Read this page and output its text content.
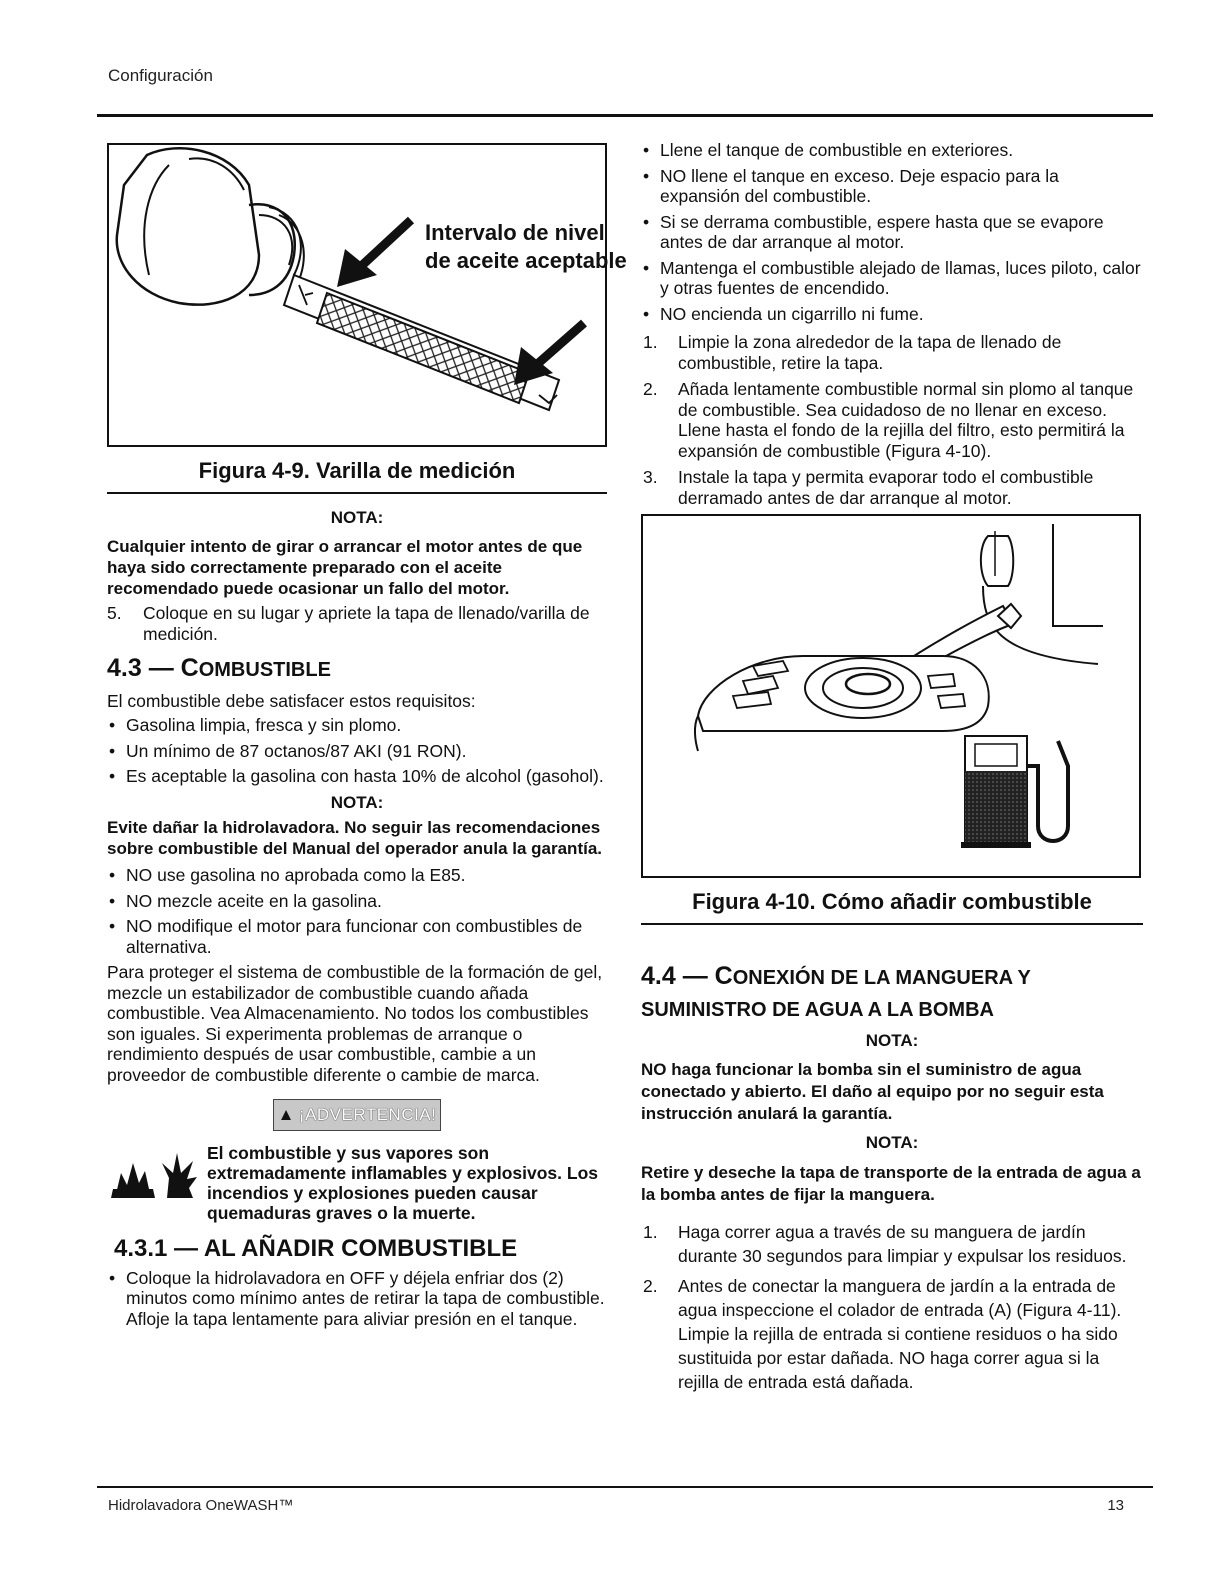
Configuración
Intervalo de nivel
de aceite aceptable
Figura 4-9. Varilla de medición
NOTA:
Cualquier intento de girar o arrancar el motor antes de que haya sido correctamente preparado con el aceite recomendado puede ocasionar un fallo del motor.
5.	Coloque en su lugar y apriete la tapa de llenado/varilla de medición.
4.3 — COMBUSTIBLE

El combustible debe satisfacer estos requisitos:

• Gasolina limpia, fresca y sin plomo.
• Un mínimo de 87 octanos/87 AKI (91 RON).
• Es aceptable la gasolina con hasta 10% de alcohol (gasohol).
NOTA:
Evite dañar la hidrolavadora. No seguir las recomendaciones sobre combustible del Manual del operador anula la garantía.
• NO use gasolina no aprobada como la E85.
• NO mezcle aceite en la gasolina.
• NO modifique el motor para funcionar con combustibles de alternativa.

Para proteger el sistema de combustible de la formación de gel, mezcle un estabilizador de combustible cuando añada combustible. Vea Almacenamiento. No todos los combustibles son iguales. Si experimenta problemas de arranque o rendimiento después de usar combustible, cambie a un proveedor de combustible diferente o cambie de marca.

▲ ¡ADVERTENCIA!
El combustible y sus vapores son extremadamente inflamables y explosivos. Los incendios y explosiones pueden causar quemaduras graves o la muerte.
4.3.1 — AL AÑADIR COMBUSTIBLE
• Coloque la hidrolavadora en OFF y déjela enfriar dos (2) minutos como mínimo antes de retirar la tapa de combustible. Afloje la tapa lentamente para aliviar presión en el tanque.
• Llene el tanque de combustible en exteriores.
• NO llene el tanque en exceso. Deje espacio para la expansión del combustible.
• Si se derrama combustible, espere hasta que se evapore antes de dar arranque al motor.
• Mantenga el combustible alejado de llamas, luces piloto, calor y otras fuentes de encendido.
• NO encienda un cigarrillo ni fume.
1. Limpie la zona alrededor de la tapa de llenado de combustible, retire la tapa.
2. Añada lentamente combustible normal sin plomo al tanque de combustible. Sea cuidadoso de no llenar en exceso. Llene hasta el fondo de la rejilla del filtro, esto permitirá la expansión de combustible (Figura 4-10).
3. Instale la tapa y permita evaporar todo el combustible derramado antes de dar arranque al motor.
Figura 4-10. Cómo añadir combustible
4.4 — CONEXIÓN DE LA MANGUERA Y
SUMINISTRO DE AGUA A LA BOMBA
NOTA:
NO haga funcionar la bomba sin el suministro de agua conectado y abierto. El daño al equipo por no seguir esta instrucción anulará la garantía.
NOTA:
Retire y deseche la tapa de transporte de la entrada de agua a la bomba antes de fijar la manguera.
1. Haga correr agua a través de su manguera de jardín durante 30 segundos para limpiar y expulsar los residuos.
2. Antes de conectar la manguera de jardín a la entrada de agua inspeccione el colador de entrada (A) (Figura 4-11). Limpie la rejilla de entrada si contiene residuos o ha sido sustituida por estar dañada. NO haga correr agua si la rejilla de entrada está dañada.
Hidrolavadora OneWASH™	13
